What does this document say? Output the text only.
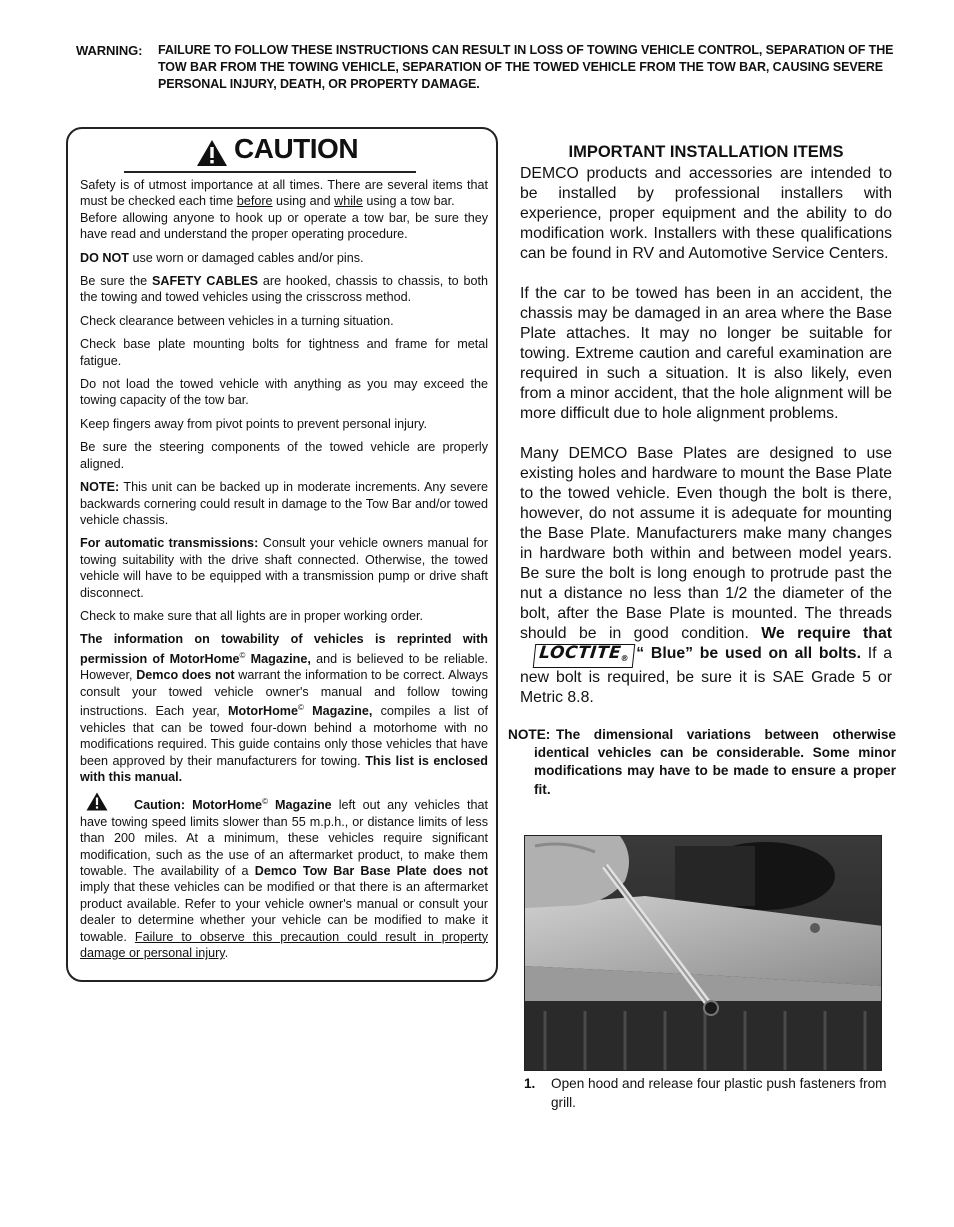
WARNING: FAILURE TO FOLLOW THESE INSTRUCTIONS CAN RESULT IN LOSS OF TOWING VEHICLE CONTROL, SEPARATION OF THE TOW BAR FROM THE TOWING VEHICLE, SEPARATION OF THE TOWED VEHICLE FROM THE TOW BAR, CAUSING SEVERE PERSONAL INJURY, DEATH, OR PROPERTY DAMAGE.
CAUTION

Safety is of utmost importance at all times. There are several items that must be checked each time before using and while using a tow bar.

Before allowing anyone to hook up or operate a tow bar, be sure they have read and understand the proper operating procedure.

DO NOT use worn or damaged cables and/or pins.

Be sure the SAFETY CABLES are hooked, chassis to chassis, to both the towing and towed vehicles using the crisscross method.

Check clearance between vehicles in a turning situation.

Check base plate mounting bolts for tightness and frame for metal fatigue.

Do not load the towed vehicle with anything as you may exceed the towing capacity of the tow bar.

Keep fingers away from pivot points to prevent personal injury.

Be sure the steering components of the towed vehicle are properly aligned.

NOTE: This unit can be backed up in moderate increments. Any severe backwards cornering could result in damage to the Tow Bar and/or towed vehicle chassis.

For automatic transmissions: Consult your vehicle owners manual for towing suitability with the drive shaft connected. Otherwise, the towed vehicle will have to be equipped with a transmission pump or drive shaft disconnect.

Check to make sure that all lights are in proper working order.

The information on towability of vehicles is reprinted with permission of MotorHome© Magazine, and is believed to be reliable. However, Demco does not warrant the information to be correct. Always consult your towed vehicle owner's manual and follow towing instructions. Each year, MotorHome© Magazine, compiles a list of vehicles that can be towed four-down behind a motorhome with no modifications required. This guide contains only those vehicles that have been approved by their manufacturers for towing. This list is enclosed with this manual.

Caution: MotorHome© Magazine left out any vehicles that have towing speed limits slower than 55 m.p.h., or distance limits of less than 200 miles. At a minimum, these vehicles require significant modification, such as the use of an aftermarket product, to make them towable. The availability of a Demco Tow Bar Base Plate does not imply that these vehicles can be modified or that there is an aftermarket product available. Refer to your vehicle owner's manual or consult your dealer to determine whether your vehicle can be modified to make it towable. Failure to observe this precaution could result in property damage or personal injury.

IMPORTANT INSTALLATION ITEMS

DEMCO products and accessories are intended to be installed by professional installers with experience, proper equipment and the ability to do modification work. Installers with these qualifications can be found in RV and Automotive Service Centers.

If the car to be towed has been in an accident, the chassis may be damaged in an area where the Base Plate attaches. It may no longer be suitable for towing. Extreme caution and careful examination are required in such a situation. It is also likely, even from a minor accident, that the hole alignment will be more difficult due to hole alignment problems.

Many DEMCO Base Plates are designed to use existing holes and hardware to mount the Base Plate to the towed vehicle. Even though the bolt is there, however, do not assume it is adequate for mounting the Base Plate. Manufacturers make many changes in hardware both within and between model years. Be sure the bolt is long enough to protrude past the nut a distance no less than 1/2 the diameter of the bolt, after the Base Plate is mounted. The threads should be in good condition. We require thatLOCTITE® “ Blue” be used on all bolts. If a new bolt is required, be sure it is SAE Grade 5 or Metric 8.8.

NOTE: The dimensional variations between otherwise identical vehicles can be considerable. Some minor modifications may have to be made to ensure a proper fit.
1. Open hood and release four plastic push fasteners from grill.
